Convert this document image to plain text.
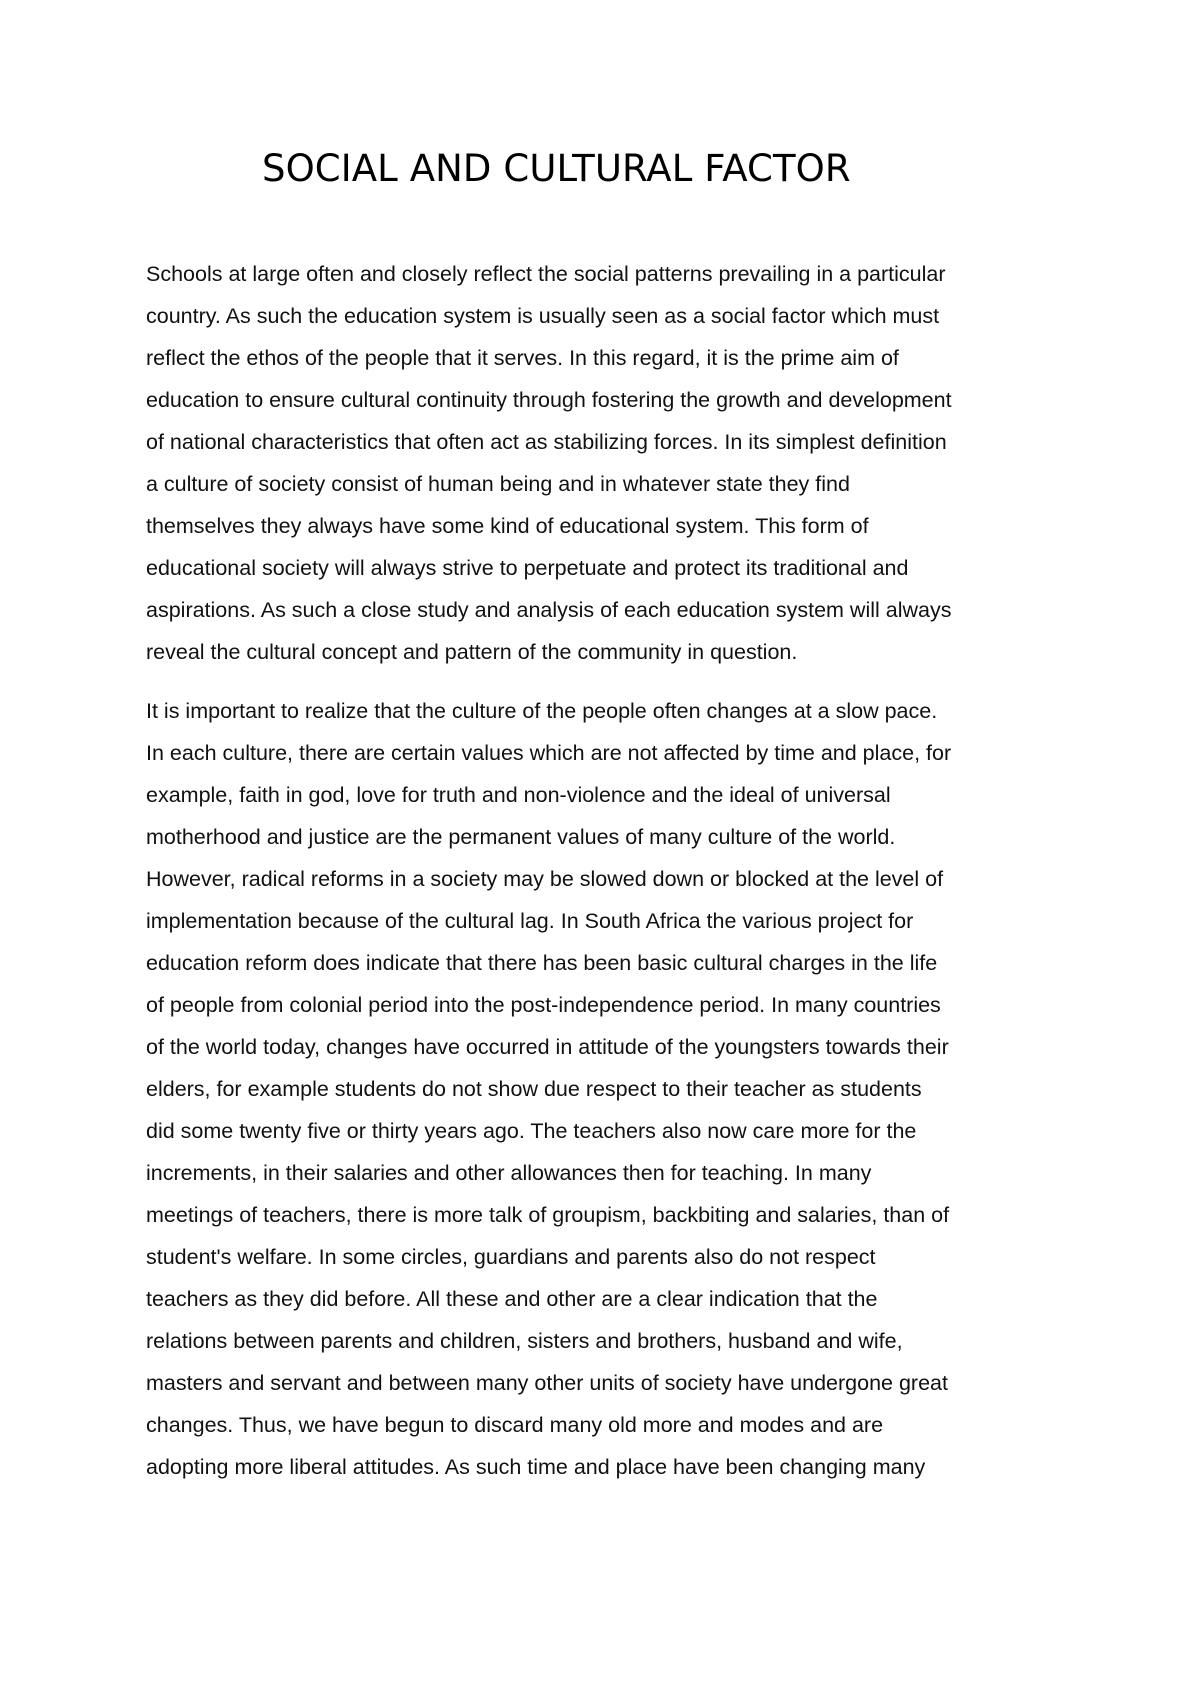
SOCIAL AND CULTURAL FACTOR
Schools at large often and closely reflect the social patterns prevailing in a particular
country. As such the education system is usually seen as a social factor which must
reflect the ethos of the people that it serves. In this regard, it is the prime aim of
education to ensure cultural continuity through fostering the growth and development
of national characteristics that often act as stabilizing forces. In its simplest definition
a culture of society consist of human being and in whatever state they find
themselves they always have some kind of educational system. This form of
educational society will always strive to perpetuate and protect its traditional and
aspirations. As such a close study and analysis of each education system will always
reveal the cultural concept and pattern of the community in question.
It is important to realize that the culture of the people often changes at a slow pace.
In each culture, there are certain values which are not affected by time and place, for
example, faith in god, love for truth and non-violence and the ideal of universal
motherhood and justice are the permanent values of many culture of the world.
However, radical reforms in a society may be slowed down or blocked at the level of
implementation because of the cultural lag. In South Africa the various project for
education reform does indicate that there has been basic cultural charges in the life
of people from colonial period into the post-independence period. In many countries
of the world today, changes have occurred in attitude of the youngsters towards their
elders, for example students do not show due respect to their teacher as students
did some twenty five or thirty years ago. The teachers also now care more for the
increments, in their salaries and other allowances then for teaching. In many
meetings of teachers, there is more talk of groupism, backbiting and salaries, than of
student's welfare. In some circles, guardians and parents also do not respect
teachers as they did before. All these and other are a clear indication that the
relations between parents and children, sisters and brothers, husband and wife,
masters and servant and between many other units of society have undergone great
changes. Thus, we have begun to discard many old more and modes and are
adopting more liberal attitudes. As such time and place have been changing many
